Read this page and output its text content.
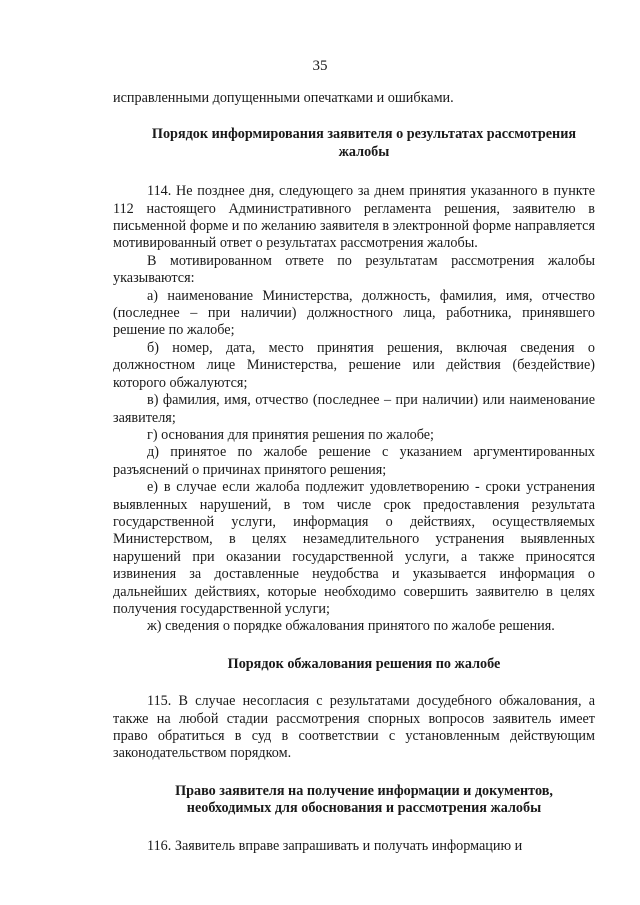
35

исправленными допущенными опечатками и ошибками.

Порядок информирования заявителя о результатах рассмотрения жалобы

114. Не позднее дня, следующего за днем принятия указанного в пункте 112 настоящего Административного регламента решения, заявителю в письменной форме и по желанию заявителя в электронной форме направляется мотивированный ответ о результатах рассмотрения жалобы.

В мотивированном ответе по результатам рассмотрения жалобы указываются:

а) наименование Министерства, должность, фамилия, имя, отчество (последнее – при наличии) должностного лица, работника, принявшего решение по жалобе;

б) номер, дата, место принятия решения, включая сведения о должностном лице Министерства, решение или действия (бездействие) которого обжалуются;

в) фамилия, имя, отчество (последнее – при наличии) или наименование заявителя;

г) основания для принятия решения по жалобе;

д) принятое по жалобе решение с указанием аргументированных разъяснений о причинах принятого решения;

е) в случае если жалоба подлежит удовлетворению - сроки устранения выявленных нарушений, в том числе срок предоставления результата государственной услуги, информация о действиях, осуществляемых Министерством, в целях незамедлительного устранения выявленных нарушений при оказании государственной услуги, а также приносятся извинения за доставленные неудобства и указывается информация о дальнейших действиях, которые необходимо совершить заявителю в целях получения государственной услуги;

ж) сведения о порядке обжалования принятого по жалобе решения.

Порядок обжалования решения по жалобе

115. В случае несогласия с результатами досудебного обжалования, а также на любой стадии рассмотрения спорных вопросов заявитель имеет право обратиться в суд в соответствии с установленным действующим законодательством порядком.

Право заявителя на получение информации и документов, необходимых для обоснования и рассмотрения жалобы

116. Заявитель вправе запрашивать и получать информацию и
